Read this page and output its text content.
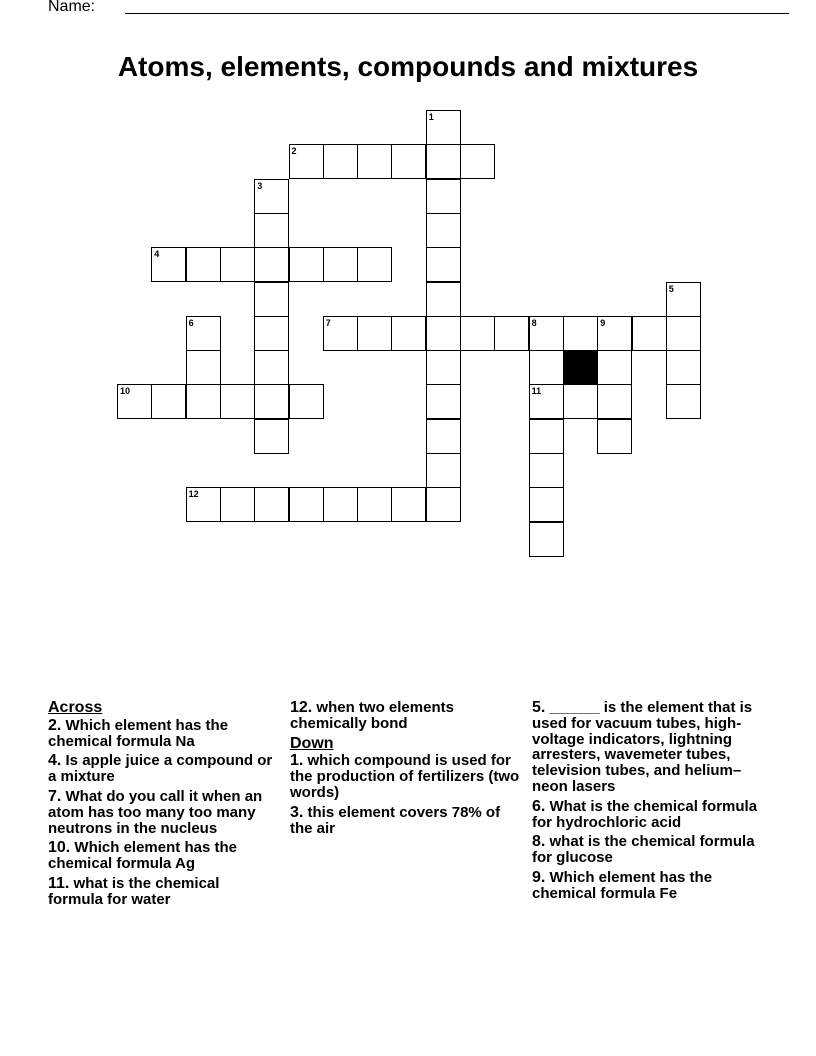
Name:
Atoms, elements, compounds and mixtures
1
2
3
4
5
6	7	8	9
10	11
12
Across
2. Which element has the chemical formula Na
4. Is apple juice a compound or a mixture
7. What do you call it when an atom has too many too many neutrons in the nucleus
10. Which element has the chemical formula Ag
11. what is the chemical formula for water
12. when two elements chemically bond
Down
1. which compound is used for the production of fertilizers (two words)
3. this element covers 78% of the air
5. ______ is the element that is used for vacuum tubes, high-voltage indicators, lightning arresters, wavemeter tubes, television tubes, and helium–neon lasers
6. What is the chemical formula for hydrochloric acid
8. what is the chemical formula for glucose
9. Which element has the chemical formula Fe
